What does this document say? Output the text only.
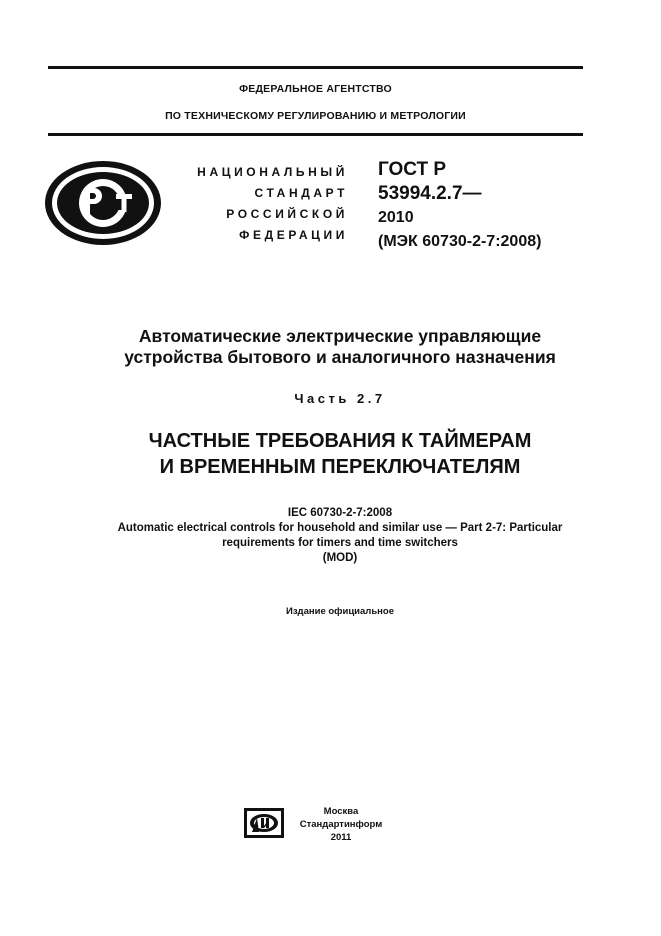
ФЕДЕРАЛЬНОЕ АГЕНТСТВО
ПО ТЕХНИЧЕСКОМУ РЕГУЛИРОВАНИЮ И МЕТРОЛОГИИ
НАЦИОНАЛЬНЫЙ
СТАНДАРТ
РОССИЙСКОЙ
ФЕДЕРАЦИИ
ГОСТ Р
53994.2.7—
2010
(МЭК 60730-2-7:2008)
Автоматические электрические управляющие
устройства бытового и аналогичного назначения
Часть 2.7
ЧАСТНЫЕ ТРЕБОВАНИЯ К ТАЙМЕРАМ
И ВРЕМЕННЫМ ПЕРЕКЛЮЧАТЕЛЯМ
IEC 60730-2-7:2008
Automatic electrical controls for household and similar use — Part 2-7: Particular
requirements for timers and time switchers
(MOD)
Издание официальное
Москва
Стандартинформ
2011
